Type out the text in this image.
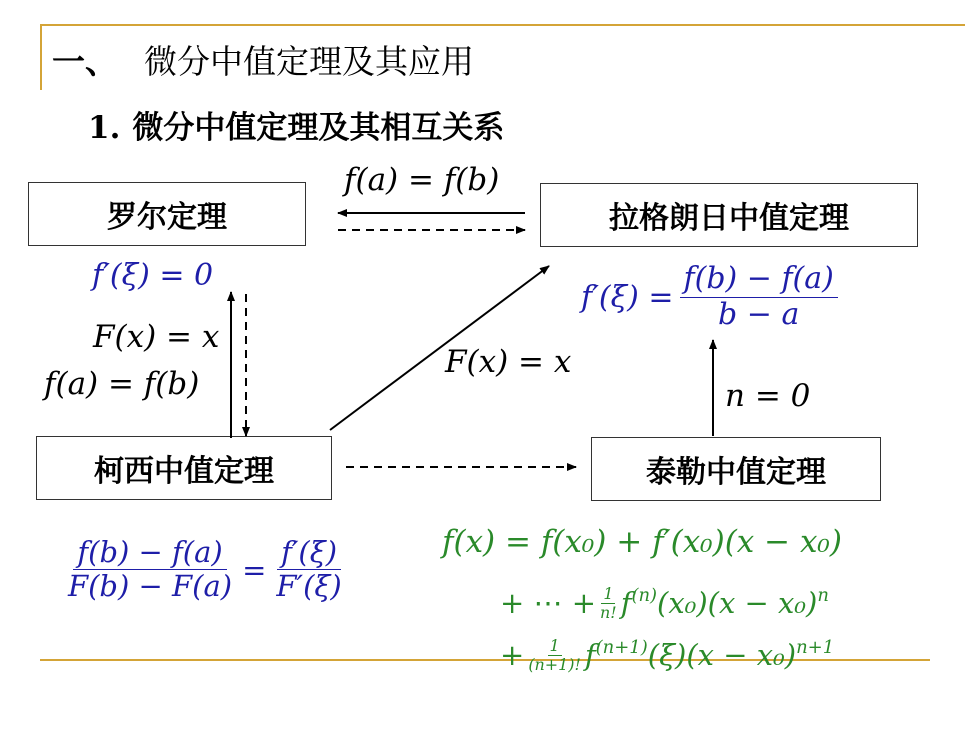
一、 微分中值定理及其应用
1. 微分中值定理及其相互关系
罗尔定理	拉格朗日中值定理
柯西中值定理	泰勒中值定理
f(a) = f(b)
f′(ξ) = 0
F(x) = x
f(a) = f(b)
F(x) = x
$f'(\xi) = \frac{f(b) - f(a)}{b - a}$
n = 0
$\frac{f(b) - f(a)}{F(b) - F(a)} = \frac{f'(\xi)}{F'(\xi)}$	f(x) = f(x₀) + f′(x₀)(x − x₀)
+ ⋯ + $\frac{1}{n!} f^{(n)}$ $(x_0)(x - x_0)^n$
+ $\frac{1}{(n+1)!} f^{(n+1)}$ $(\xi)(x - x_0)^{n+1}$
